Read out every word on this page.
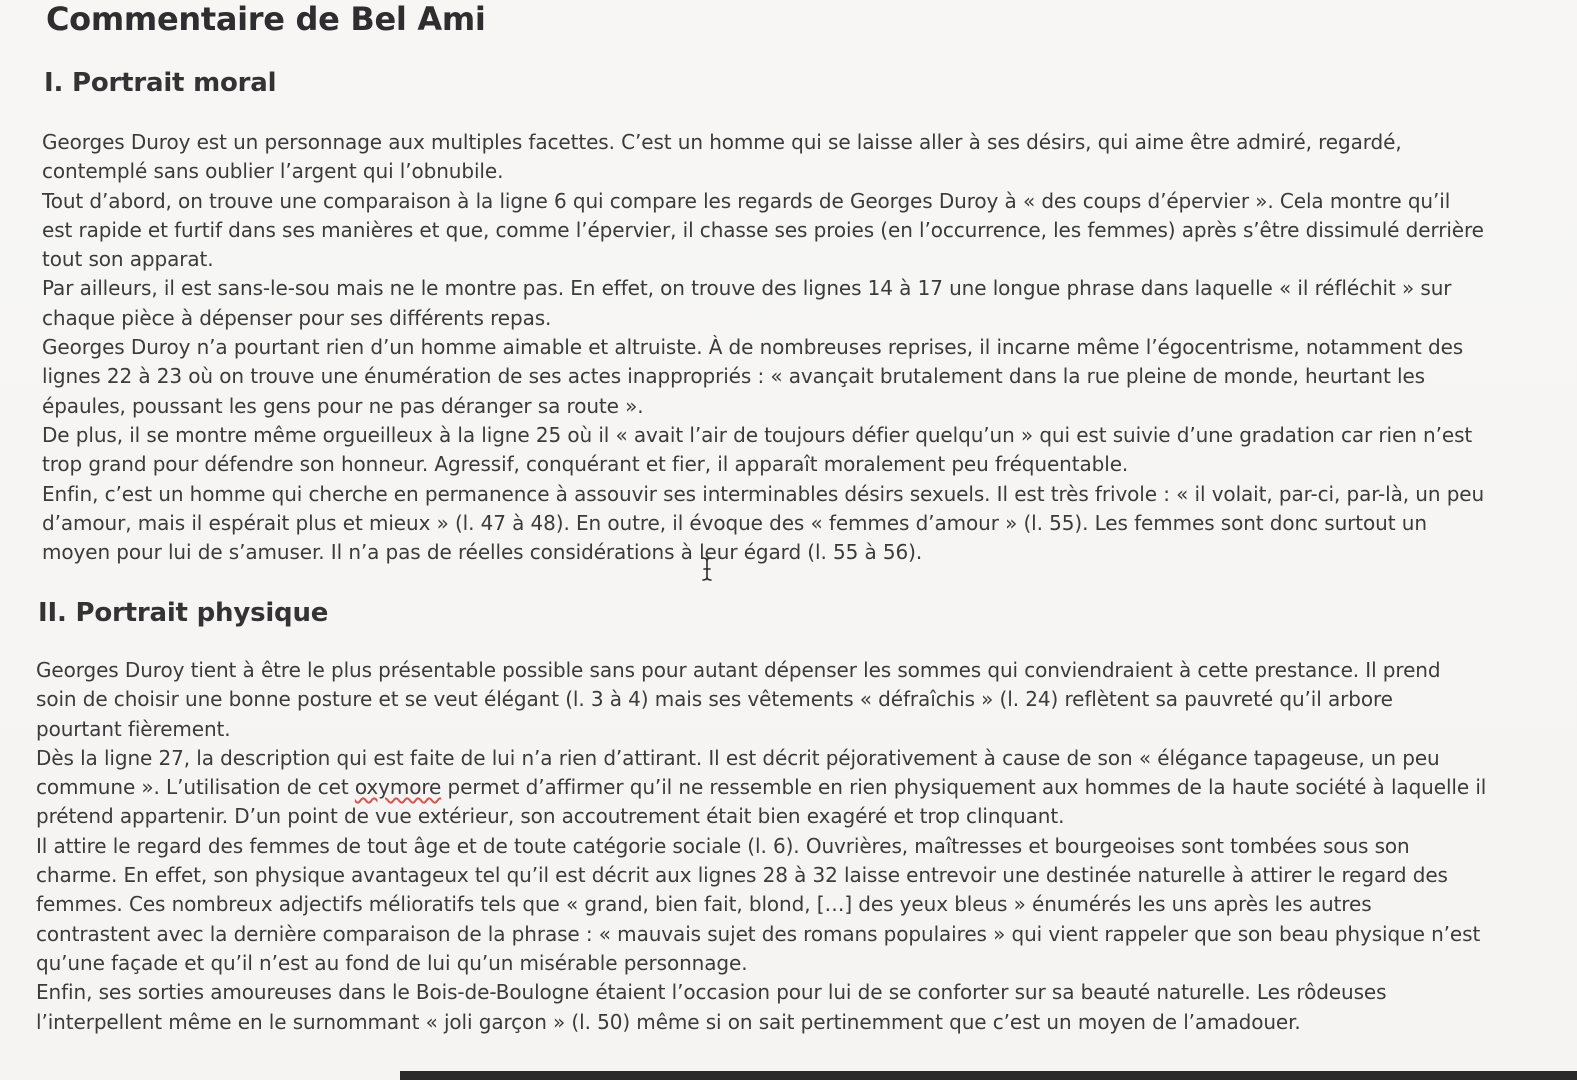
Commentaire de Bel Ami
I. Portrait moral
Georges Duroy est un personnage aux multiples facettes. C’est un homme qui se laisse aller à ses désirs, qui aime être admiré, regardé,
contemplé sans oublier l’argent qui l’obnubile.
Tout d’abord, on trouve une comparaison à la ligne 6 qui compare les regards de Georges Duroy à « des coups d’épervier ». Cela montre qu’il
est rapide et furtif dans ses manières et que, comme l’épervier, il chasse ses proies (en l’occurrence, les femmes) après s’être dissimulé derrière
tout son apparat.
Par ailleurs, il est sans-le-sou mais ne le montre pas. En effet, on trouve des lignes 14 à 17 une longue phrase dans laquelle « il réfléchit » sur
chaque pièce à dépenser pour ses différents repas.
Georges Duroy n’a pourtant rien d’un homme aimable et altruiste. À de nombreuses reprises, il incarne même l’égocentrisme, notamment des
lignes 22 à 23 où on trouve une énumération de ses actes inappropriés : « avançait brutalement dans la rue pleine de monde, heurtant les
épaules, poussant les gens pour ne pas déranger sa route ».
De plus, il se montre même orgueilleux à la ligne 25 où il « avait l’air de toujours défier quelqu’un » qui est suivie d’une gradation car rien n’est
trop grand pour défendre son honneur. Agressif, conquérant et fier, il apparaît moralement peu fréquentable.
Enfin, c’est un homme qui cherche en permanence à assouvir ses interminables désirs sexuels. Il est très frivole : « il volait, par-ci, par-là, un peu
d’amour, mais il espérait plus et mieux » (l. 47 à 48). En outre, il évoque des « femmes d’amour » (l. 55). Les femmes sont donc surtout un
moyen pour lui de s’amuser. Il n’a pas de réelles considérations à leur égard (l. 55 à 56).
II. Portrait physique
Georges Duroy tient à être le plus présentable possible sans pour autant dépenser les sommes qui conviendraient à cette prestance. Il prend
soin de choisir une bonne posture et se veut élégant (l. 3 à 4) mais ses vêtements « défraîchis » (l. 24) reflètent sa pauvreté qu’il arbore
pourtant fièrement.
Dès la ligne 27, la description qui est faite de lui n’a rien d’attirant. Il est décrit péjorativement à cause de son « élégance tapageuse, un peu
commune ». L’utilisation de cet oxymore permet d’affirmer qu’il ne ressemble en rien physiquement aux hommes de la haute société à laquelle il
prétend appartenir. D’un point de vue extérieur, son accoutrement était bien exagéré et trop clinquant.
Il attire le regard des femmes de tout âge et de toute catégorie sociale (l. 6). Ouvrières, maîtresses et bourgeoises sont tombées sous son
charme. En effet, son physique avantageux tel qu’il est décrit aux lignes 28 à 32 laisse entrevoir une destinée naturelle à attirer le regard des
femmes. Ces nombreux adjectifs mélioratifs tels que « grand, bien fait, blond, […] des yeux bleus » énumérés les uns après les autres
contrastent avec la dernière comparaison de la phrase : « mauvais sujet des romans populaires » qui vient rappeler que son beau physique n’est
qu’une façade et qu’il n’est au fond de lui qu’un misérable personnage.
Enfin, ses sorties amoureuses dans le Bois-de-Boulogne étaient l’occasion pour lui de se conforter sur sa beauté naturelle. Les rôdeuses
l’interpellent même en le surnommant « joli garçon » (l. 50) même si on sait pertinemment que c’est un moyen de l’amadouer.
